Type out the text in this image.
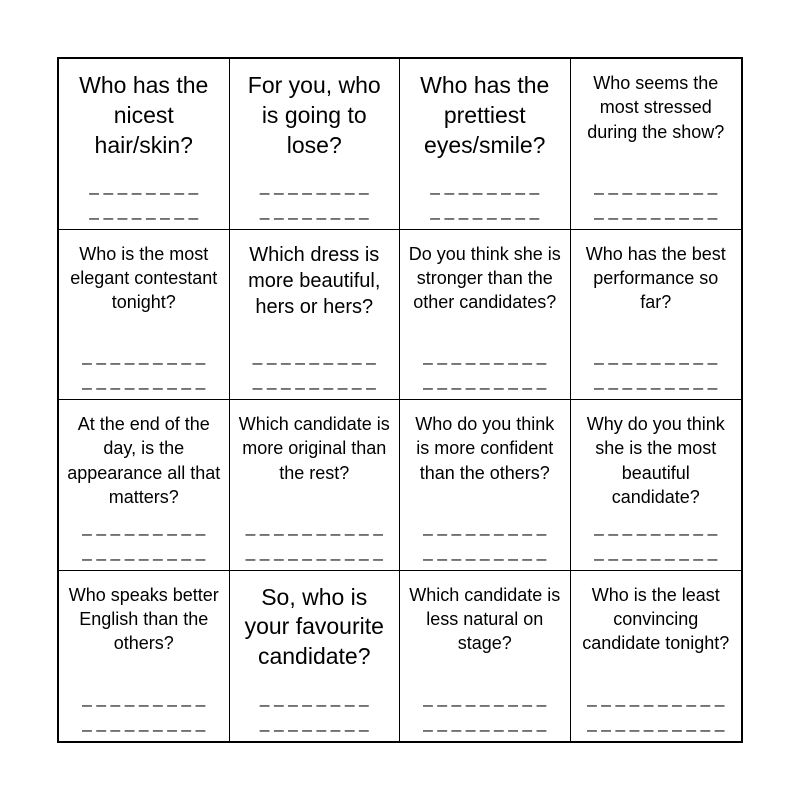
Who has the nicest hair/skin?
_ _ _ _ _ _ _ _
_ _ _ _ _ _ _ _
For you, who is going to lose?
_ _ _ _ _ _ _ _
_ _ _ _ _ _ _ _
Who has the prettiest eyes/smile?
_ _ _ _ _ _ _ _
_ _ _ _ _ _ _ _
Who seems the most stressed during the show?
_ _ _ _ _ _ _ _ _
_ _ _ _ _ _ _ _ _
Who is the most elegant contestant tonight?
_ _ _ _ _ _ _ _ _
_ _ _ _ _ _ _ _ _
Which dress is more beautiful, hers or hers?
_ _ _ _ _ _ _ _ _
_ _ _ _ _ _ _ _ _
Do you think she is stronger than the other candidates?
_ _ _ _ _ _ _ _ _
_ _ _ _ _ _ _ _ _
Who has the best performance so far?
_ _ _ _ _ _ _ _ _
_ _ _ _ _ _ _ _ _
At the end of the day, is the appearance all that matters?
_ _ _ _ _ _ _ _ _
_ _ _ _ _ _ _ _ _
Which candidate is more original than the rest?
_ _ _ _ _ _ _ _ _ _
_ _ _ _ _ _ _ _ _ _
Who do you think is more confident than the others?
_ _ _ _ _ _ _ _ _
_ _ _ _ _ _ _ _ _
Why do you think she is the most beautiful candidate?
_ _ _ _ _ _ _ _ _
_ _ _ _ _ _ _ _ _
Who speaks better English than the others?
_ _ _ _ _ _ _ _ _
_ _ _ _ _ _ _ _ _
So, who is your favourite candidate?
_ _ _ _ _ _ _ _
_ _ _ _ _ _ _ _
Which candidate is less natural on stage?
_ _ _ _ _ _ _ _ _
_ _ _ _ _ _ _ _ _
Who is the least convincing candidate tonight?
_ _ _ _ _ _ _ _ _ _
_ _ _ _ _ _ _ _ _ _
